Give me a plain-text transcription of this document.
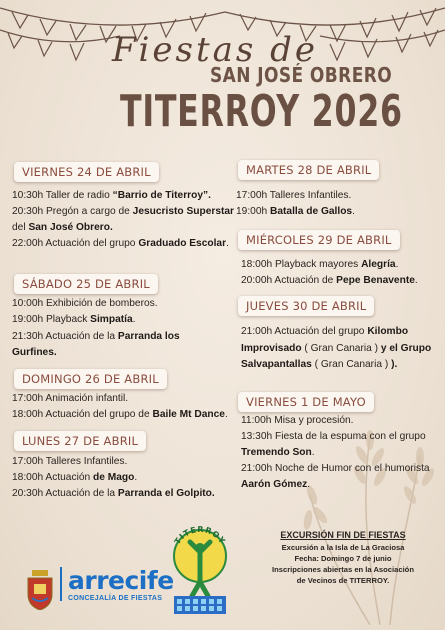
Fiestas de
SAN JOSÉ OBRERO
TITERROY 2026
VIERNES 24 DE ABRIL
10:30h Taller de radio “Barrio de Titerroy”.
20:30h Pregón a cargo de Jesucristo Superstar
del San José Obrero.
22:00h Actuación del grupo Graduado Escolar.
SÁBADO 25 DE ABRIL
10:00h Exhibición de bomberos.
19:00h Playback Simpatía.
21:30h Actuación de la Parranda los
Gurfines.
DOMINGO 26 DE ABRIL
17:00h Animación infantil.
18:00h Actuación del grupo de Baile Mt Dance.
LUNES 27 DE ABRIL
17:00h Talleres Infantiles.
18:00h Actuación de Mago.
20:30h Actuación de la Parranda el Golpito.
MARTES 28 DE ABRIL
17:00h Talleres Infantiles.
19:00h Batalla de Gallos.
MIÉRCOLES 29 DE ABRIL
18:00h Playback mayores Alegría.
20:00h Actuación de Pepe Benavente.
JUEVES 30 DE ABRIL
21:00h Actuación del grupo Kilombo
Improvisado ( Gran Canaria ) y el Grupo
Salvapantallas ( Gran Canaria ) ).
VIERNES 1 DE MAYO
11:00h Misa y procesión.
13:30h Fiesta de la espuma con el grupo
Tremendo Son.
21:00h Noche de Humor con el humorista
Aarón Gómez.
EXCURSIÓN FIN DE FIESTAS
Excursión a la Isla de La Graciosa
Fecha: Domingo 7 de junio
Inscripciones abiertas en la Asociación
de Vecinos de TITERROY.
arrecife
CONCEJALÍA DE FIESTAS
TITERROY
